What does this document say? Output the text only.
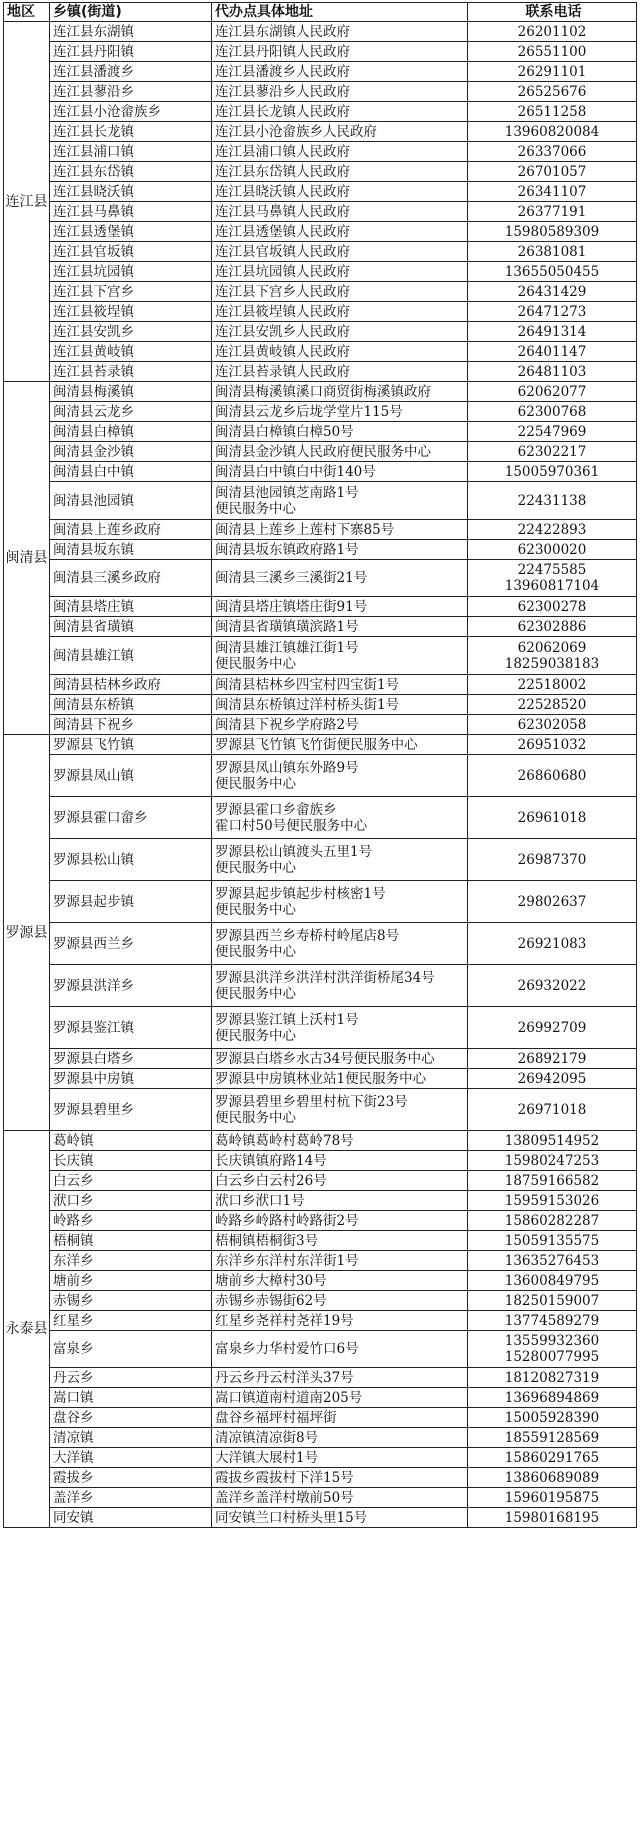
地区	乡镇(街道)	代办点具体地址	联系电话
连江县	连江县东湖镇	连江县东湖镇人民政府	26201102

	连江县丹阳镇	连江县丹阳镇人民政府	26551100

	连江县潘渡乡	连江县潘渡乡人民政府	26291101

	连江县蓼沿乡	连江县蓼沿乡人民政府	26525676

	连江县小沧畲族乡	连江县长龙镇人民政府	26511258

	连江县长龙镇	连江县小沧畲族乡人民政府	13960820084

	连江县浦口镇	连江县浦口镇人民政府	26337066

	连江县东岱镇	连江县东岱镇人民政府	26701057

	连江县晓沃镇	连江县晓沃镇人民政府	26341107

	连江县马鼻镇	连江县马鼻镇人民政府	26377191

	连江县透堡镇	连江县透堡镇人民政府	15980589309

	连江县官坂镇	连江县官坂镇人民政府	26381081

	连江县坑园镇	连江县坑园镇人民政府	13655050455

	连江县下宫乡	连江县下宫乡人民政府	26431429

	连江县筱埕镇	连江县筱埕镇人民政府	26471273

	连江县安凯乡	连江县安凯乡人民政府	26491314

	连江县黄岐镇	连江县黄岐镇人民政府	26401147

	连江县苔录镇	连江县苔录镇人民政府	26481103

闽清县	闽清县梅溪镇	闽清县梅溪镇溪口商贸街梅溪镇政府	62062077

	闽清县云龙乡	闽清县云龙乡后垅学堂片115号	62300768

	闽清县白樟镇	闽清县白樟镇白樟50号	22547969

	闽清县金沙镇	闽清县金沙镇人民政府便民服务中心	62302217

	闽清县白中镇	闽清县白中镇白中街140号	15005970361

	闽清县池园镇	闽清县池园镇芝南路1号
便民服务中心	22431138

	闽清县上莲乡政府	闽清县上莲乡上莲村下寨85号	22422893

	闽清县坂东镇	闽清县坂东镇政府路1号	62300020

	闽清县三溪乡政府	闽清县三溪乡三溪街21号	22475585
13960817104

	闽清县塔庄镇	闽清县塔庄镇塔庄街91号	62300278

	闽清县省璜镇	闽清县省璜镇璜滨路1号	62302886

	闽清县雄江镇	闽清县雄江镇雄江街1号
便民服务中心	62062069
18259038183

	闽清县桔林乡政府	闽清县桔林乡四宝村四宝街1号	22518002

	闽清县东桥镇	闽清县东桥镇过洋村桥头街1号	22528520

	闽清县下祝乡	闽清县下祝乡学府路2号	62302058

罗源县	罗源县飞竹镇	罗源县飞竹镇飞竹街便民服务中心	26951032

	罗源县凤山镇	罗源县凤山镇东外路9号
便民服务中心	26860680

	罗源县霍口畲乡	罗源县霍口乡畲族乡
霍口村50号便民服务中心	26961018

	罗源县松山镇	罗源县松山镇渡头五里1号
便民服务中心	26987370

	罗源县起步镇	罗源县起步镇起步村核密1号
便民服务中心	29802637

	罗源县西兰乡	罗源县西兰乡寿桥村岭尾店8号
便民服务中心	26921083

	罗源县洪洋乡	罗源县洪洋乡洪洋村洪洋街桥尾34号
便民服务中心	26932022

	罗源县鉴江镇	罗源县鉴江镇上沃村1号
便民服务中心	26992709

	罗源县白塔乡	罗源县白塔乡水古34号便民服务中心	26892179

	罗源县中房镇	罗源县中房镇林业站1便民服务中心	26942095

	罗源县碧里乡	罗源县碧里乡碧里村杭下街23号
便民服务中心	26971018

永泰县	葛岭镇	葛岭镇葛岭村葛岭78号	13809514952

	长庆镇	长庆镇镇府路14号	15980247253

	白云乡	白云乡白云村26号	18759166582

	洑口乡	洑口乡洑口1号	15959153026

	岭路乡	岭路乡岭路村岭路街2号	15860282287

	梧桐镇	梧桐镇梧桐街3号	15059135575

	东洋乡	东洋乡东洋村东洋街1号	13635276453

	塘前乡	塘前乡大樟村30号	13600849795

	赤锡乡	赤锡乡赤锡街62号	18250159007

	红星乡	红星乡尧祥村尧祥19号	13774589279

	富泉乡	富泉乡力华村爱竹口6号	13559932360
15280077995

	丹云乡	丹云乡丹云村洋头37号	18120827319

	嵩口镇	嵩口镇道南村道南205号	13696894869

	盘谷乡	盘谷乡福坪村福坪街	15005928390

	清凉镇	清凉镇清凉街8号	18559128569

	大洋镇	大洋镇大展村1号	15860291765

	霞拔乡	霞拔乡霞拔村下洋15号	13860689089

	盖洋乡	盖洋乡盖洋村墩前50号	15960195875

	同安镇	同安镇兰口村桥头里15号	15980168195
